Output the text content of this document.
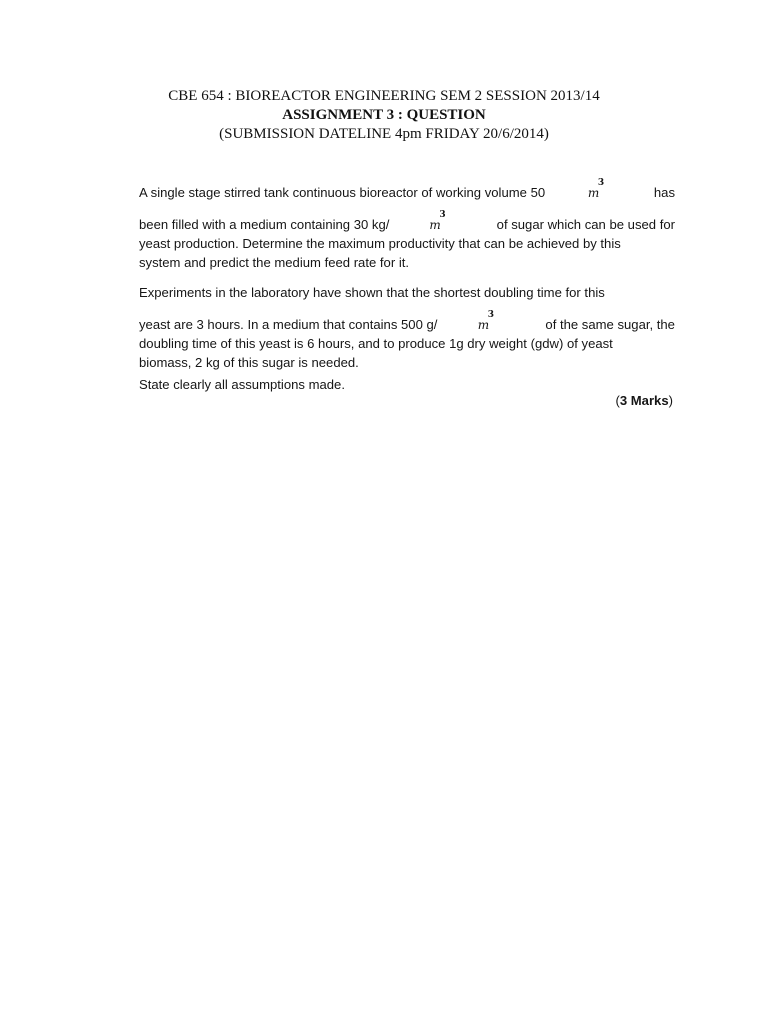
CBE 654 : BIOREACTOR ENGINEERING SEM 2 SESSION 2013/14
ASSIGNMENT 3 : QUESTION
(SUBMISSION DATELINE 4pm FRIDAY 20/6/2014)
A single stage stirred tank continuous bioreactor of working volume 50	m
3
has
been filled with a medium containing 30 kg/	m
3
of sugar which can be used for
yeast production. Determine the maximum productivity that can be achieved by this
system and predict the medium feed rate for it.
Experiments in the laboratory have shown that the shortest doubling time for this
yeast are 3 hours. In a medium that contains 500 g/	m
3
of the same sugar, the
doubling time of this yeast is 6 hours, and to produce 1g dry weight (gdw) of yeast
biomass, 2 kg of this sugar is needed.
State clearly all assumptions made.
(3 Marks)
